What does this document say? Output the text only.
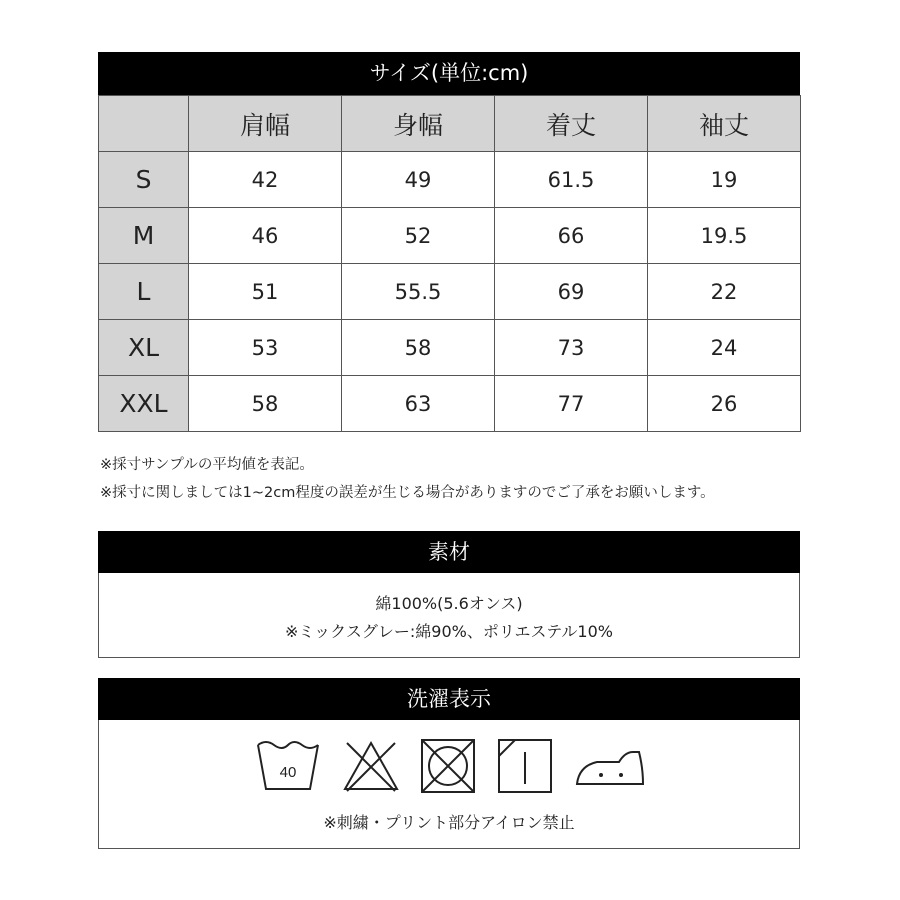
サイズ(単位:cm)
	肩幅	身幅	着丈	袖丈
S	42	49	61.5	19
M	46	52	66	19.5
L	51	55.5	69	22
XL	53	58	73	24
XXL	58	63	77	26
※採寸サンプルの平均値を表記。
※採寸に関しましては1~2cm程度の誤差が生じる場合がありますのでご了承をお願いします。
素材
綿100%(5.6オンス)
※ミックスグレー:綿90%、ポリエステル10%
洗濯表示
※刺繍・プリント部分アイロン禁止
40
